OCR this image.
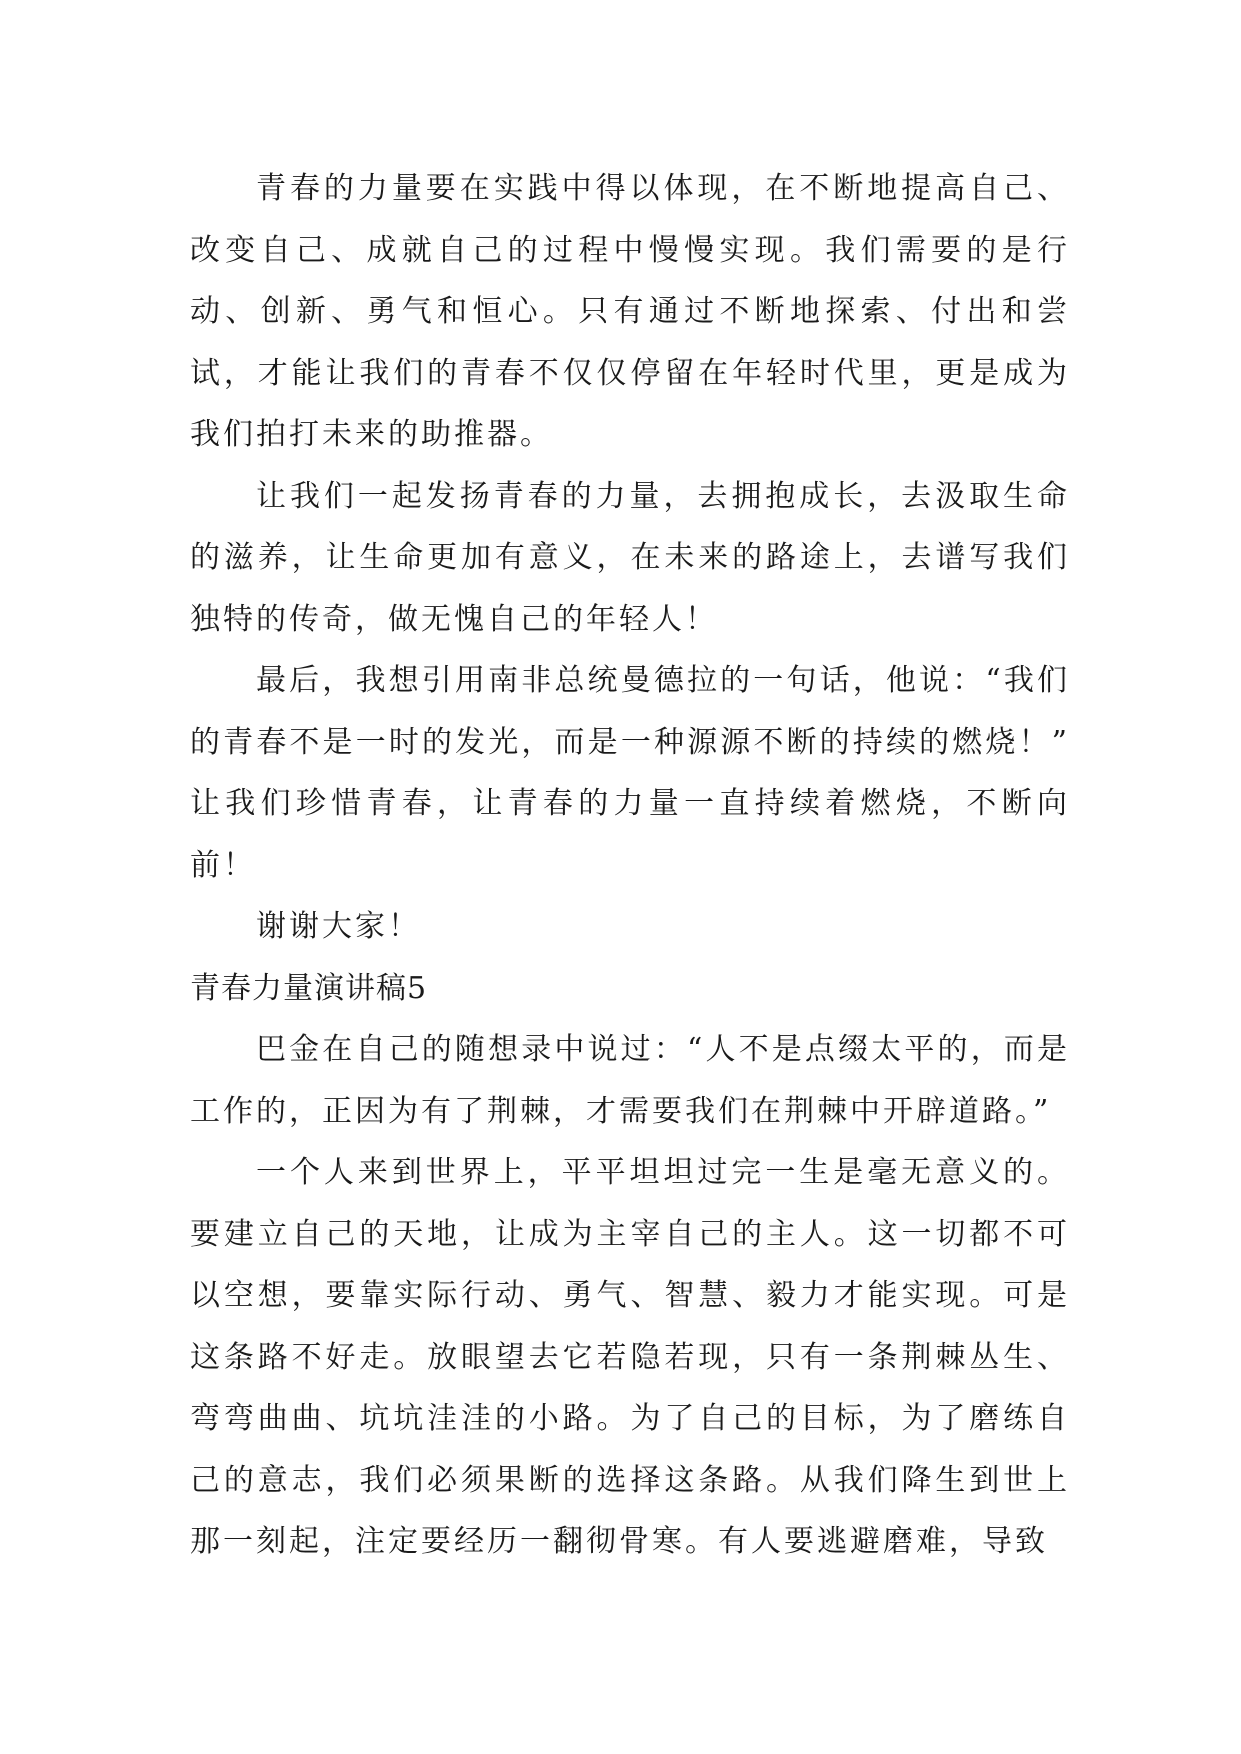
青春的力量要在实践中得以体现，在不断地提高自己、改变自己、成就自己的过程中慢慢实现。我们需要的是行动、创新、勇气和恒心。只有通过不断地探索、付出和尝试，才能让我们的青春不仅仅停留在年轻时代里，更是成为我们拍打未来的助推器。

让我们一起发扬青春的力量，去拥抱成长，去汲取生命的滋养，让生命更加有意义，在未来的路途上，去谱写我们独特的传奇，做无愧自己的年轻人！

最后，我想引用南非总统曼德拉的一句话，他说：“我们的青春不是一时的发光，而是一种源源不断的持续的燃烧！” 让我们珍惜青春，让青春的力量一直持续着燃烧，不断向前！

谢谢大家！

青春力量演讲稿5

巴金在自己的随想录中说过：“人不是点缀太平的，而是工作的，正因为有了荆棘，才需要我们在荆棘中开辟道路。”

一个人来到世界上，平平坦坦过完一生是毫无意义的。要建立自己的天地，让成为主宰自己的主人。这一切都不可以空想，要靠实际行动、勇气、智慧、毅力才能实现。可是这条路不好走。放眼望去它若隐若现，只有一条荆棘丛生、弯弯曲曲、坑坑洼洼的小路。为了自己的目标，为了磨练自己的意志，我们必须果断的选择这条路。从我们降生到世上那一刻起，注定要经历一翻彻骨寒。有人要逃避磨难，导致
